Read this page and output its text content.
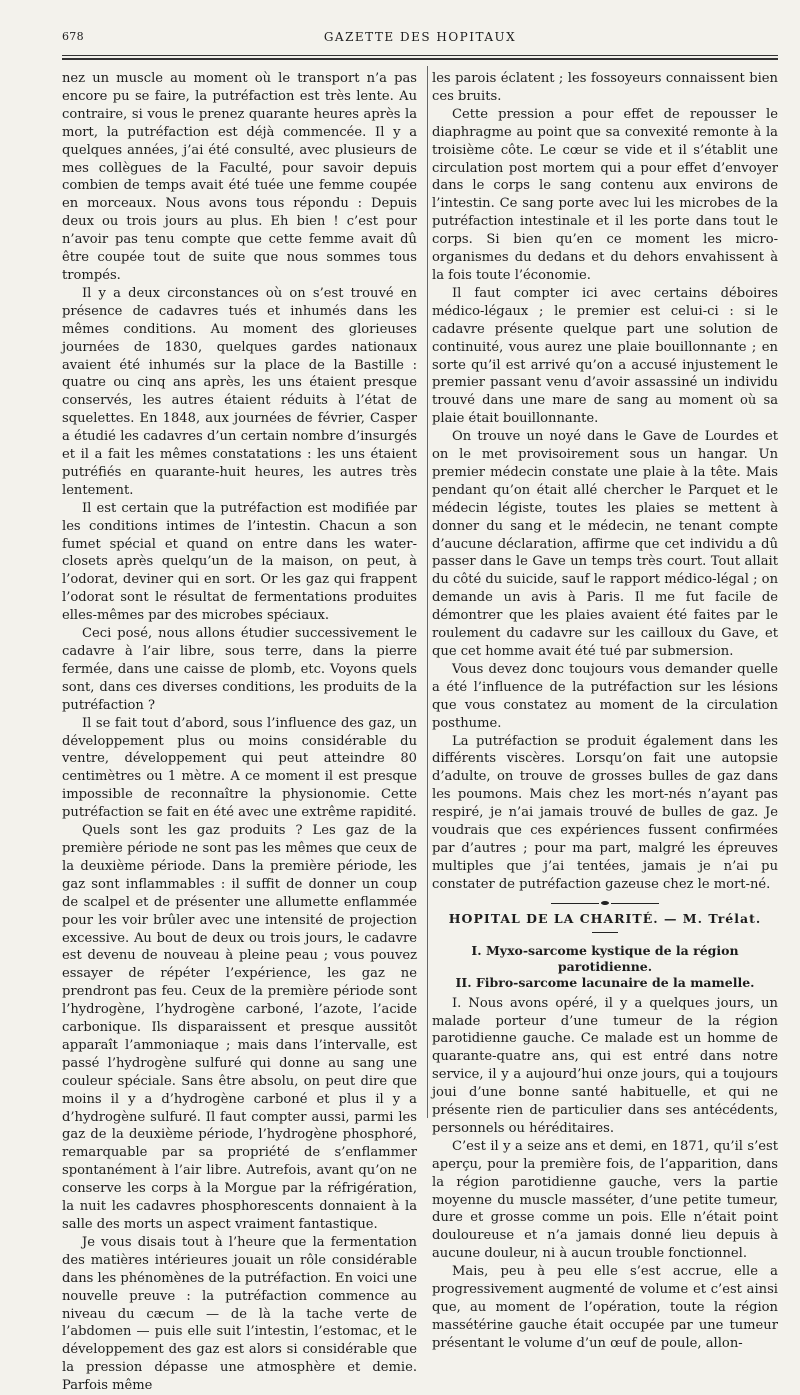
678	GAZETTE DES HOPITAUX

nez un muscle au moment où le transport n’a pas encore pu se faire, la putréfaction est très lente. Au contraire, si vous le prenez quarante heures après la mort, la putréfaction est déjà commencée. Il y a quelques années, j’ai été consulté, avec plusieurs de mes collègues de la Faculté, pour savoir depuis combien de temps avait été tuée une femme coupée en morceaux. Nous avons tous répondu : Depuis deux ou trois jours au plus. Eh bien ! c’est pour n’avoir pas tenu compte que cette femme avait dû être coupée tout de suite que nous sommes tous trompés.

Il y a deux circonstances où on s’est trouvé en présence de cadavres tués et inhumés dans les mêmes conditions. Au moment des glorieuses journées de 1830, quelques gardes nationaux avaient été inhumés sur la place de la Bastille : quatre ou cinq ans après, les uns étaient presque conservés, les autres étaient réduits à l’état de squelettes. En 1848, aux journées de février, Casper a étudié les cadavres d’un certain nombre d’insurgés et il a fait les mêmes constatations : les uns étaient putréfiés en quarante-huit heures, les autres très lentement.

Il est certain que la putréfaction est modifiée par les conditions intimes de l’intestin. Chacun a son fumet spécial et quand on entre dans les water-closets après quelqu’un de la maison, on peut, à l’odorat, deviner qui en sort. Or les gaz qui frappent l’odorat sont le résultat de fermentations produites elles-mêmes par des microbes spéciaux.

Ceci posé, nous allons étudier successivement le cadavre à l’air libre, sous terre, dans la pierre fermée, dans une caisse de plomb, etc. Voyons quels sont, dans ces diverses conditions, les produits de la putréfaction ?

Il se fait tout d’abord, sous l’influence des gaz, un développement plus ou moins considérable du ventre, développement qui peut atteindre 80 centimètres ou 1 mètre. A ce moment il est presque impossible de reconnaître la physionomie. Cette putréfaction se fait en été avec une extrême rapidité.

Quels sont les gaz produits ? Les gaz de la première période ne sont pas les mêmes que ceux de la deuxième période. Dans la première période, les gaz sont inflammables : il suffit de donner un coup de scalpel et de présenter une allumette enflammée pour les voir brûler avec une intensité de projection excessive. Au bout de deux ou trois jours, le cadavre est devenu de nouveau à pleine peau ; vous pouvez essayer de répéter l’expérience, les gaz ne prendront pas feu. Ceux de la première période sont l’hydrogène, l’hydrogène carboné, l’azote, l’acide carbonique. Ils disparaissent et presque aussitôt apparaît l’ammoniaque ; mais dans l’intervalle, est passé l’hydrogène sulfuré qui donne au sang une couleur spéciale. Sans être absolu, on peut dire que moins il y a d’hydrogène carboné et plus il y a d’hydrogène sulfuré. Il faut compter aussi, parmi les gaz de la deuxième période, l’hydrogène phosphoré, remarquable par sa propriété de s’enflammer spontanément à l’air libre. Autrefois, avant qu’on ne conserve les corps à la Morgue par la réfrigération, la nuit les cadavres phosphorescents donnaient à la salle des morts un aspect vraiment fantastique.

Je vous disais tout à l’heure que la fermentation des matières intérieures jouait un rôle considérable dans les phénomènes de la putréfaction. En voici une nouvelle preuve : la putréfaction commence au niveau du cæcum — de là la tache verte de l’abdomen — puis elle suit l’intestin, l’estomac, et le développement des gaz est alors si considérable que la pression dépasse une atmosphère et demie. Parfois même

les parois éclatent ; les fossoyeurs connaissent bien ces bruits.

Cette pression a pour effet de repousser le diaphragme au point que sa convexité remonte à la troisième côte. Le cœur se vide et il s’établit une circulation post mortem qui a pour effet d’envoyer dans le corps le sang contenu aux environs de l’intestin. Ce sang porte avec lui les microbes de la putréfaction intestinale et il les porte dans tout le corps. Si bien qu’en ce moment les micro-organismes du dedans et du dehors envahissent à la fois toute l’économie.

Il faut compter ici avec certains déboires médico-légaux ; le premier est celui-ci : si le cadavre présente quelque part une solution de continuité, vous aurez une plaie bouillonnante ; en sorte qu’il est arrivé qu’on a accusé injustement le premier passant venu d’avoir assassiné un individu trouvé dans une mare de sang au moment où sa plaie était bouillonnante.

On trouve un noyé dans le Gave de Lourdes et on le met provisoirement sous un hangar. Un premier médecin constate une plaie à la tête. Mais pendant qu’on était allé chercher le Parquet et le médecin légiste, toutes les plaies se mettent à donner du sang et le médecin, ne tenant compte d’aucune déclaration, affirme que cet individu a dû passer dans le Gave un temps très court. Tout allait du côté du suicide, sauf le rapport médico-légal ; on demande un avis à Paris. Il me fut facile de démontrer que les plaies avaient été faites par le roulement du cadavre sur les cailloux du Gave, et que cet homme avait été tué par submersion.

Vous devez donc toujours vous demander quelle a été l’influence de la putréfaction sur les lésions que vous constatez au moment de la circulation posthume.

La putréfaction se produit également dans les différents viscères. Lorsqu’on fait une autopsie d’adulte, on trouve de grosses bulles de gaz dans les poumons. Mais chez les mort-nés n’ayant pas respiré, je n’ai jamais trouvé de bulles de gaz. Je voudrais que ces expériences fussent confirmées par d’autres ; pour ma part, malgré les épreuves multiples que j’ai tentées, jamais je n’ai pu constater de putréfaction gazeuse chez le mort-né.

HOPITAL DE LA CHARITÉ. — M. Trélat.

I. Myxo-sarcome kystique de la région parotidienne.

II. Fibro-sarcome lacunaire de la mamelle.

I. Nous avons opéré, il y a quelques jours, un malade porteur d’une tumeur de la région parotidienne gauche. Ce malade est un homme de quarante-quatre ans, qui est entré dans notre service, il y a aujourd’hui onze jours, qui a toujours joui d’une bonne santé habituelle, et qui ne présente rien de particulier dans ses antécédents, personnels ou héréditaires.

C’est il y a seize ans et demi, en 1871, qu’il s’est aperçu, pour la première fois, de l’apparition, dans la région parotidienne gauche, vers la partie moyenne du muscle masséter, d’une petite tumeur, dure et grosse comme un pois. Elle n’était point douloureuse et n’a jamais donné lieu depuis à aucune douleur, ni à aucun trouble fonctionnel.

Mais, peu à peu elle s’est accrue, elle a progressivement augmenté de volume et c’est ainsi que, au moment de l’opération, toute la région massétérine gauche était occupée par une tumeur présentant le volume d’un œuf de poule, allon-
